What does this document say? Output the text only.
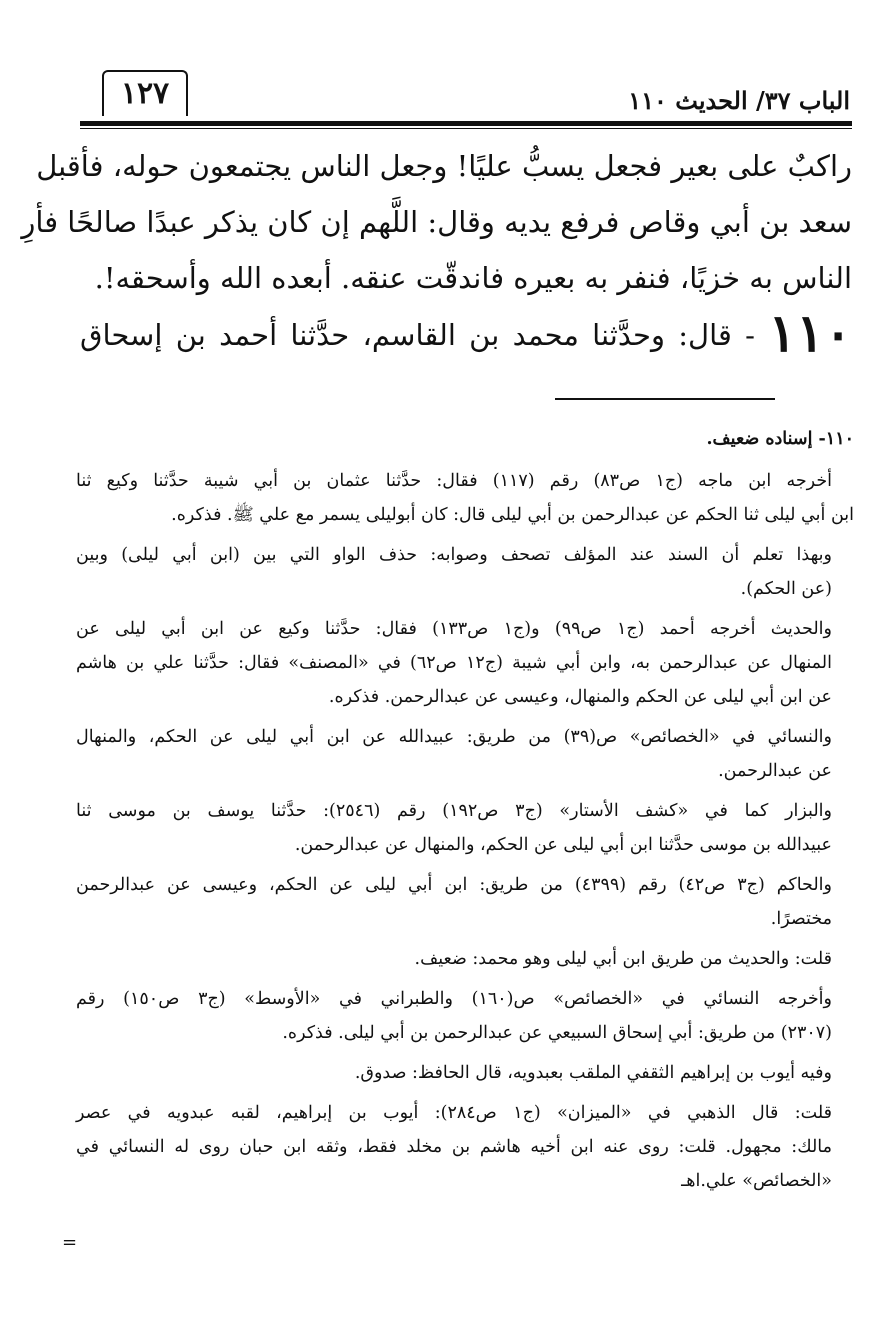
الباب ٣٧/ الحديث ١١٠
١٢٧

راكبٌ على بعير فجعل يسبُّ عليًا! وجعل الناس يجتمعون حوله، فأقبل

سعد بن أبي وقاص فرفع يديه وقال: اللَّهم إن كان يذكر عبدًا صالحًا فأرِ

الناس به خزيًا، فنفر به بعيره فاندقّت عنقه. أبعده الله وأسحقه!.

١١٠ - قال: وحدَّثنا محمد بن القاسم، حدَّثنا أحمد بن إسحاق

١١٠- إسناده ضعيف.

أخرجه ابن ماجه (ج١ ص٨٣) رقم (١١٧) فقال: حدَّثنا عثمان بن أبي شيبة حدَّثنا وكيع ثنا
ابن أبي ليلى ثنا الحكم عن عبدالرحمن بن أبي ليلى قال: كان أبوليلى يسمر مع علي ﷺ. فذكره.

وبهذا تعلم أن السند عند المؤلف تصحف وصوابه: حذف الواو التي بين (ابن أبي ليلى) وبين
(عن الحكم).

والحديث أخرجه أحمد (ج١ ص٩٩) و(ج١ ص١٣٣) فقال: حدَّثنا وكيع عن ابن أبي ليلى عن
المنهال عن عبدالرحمن به، وابن أبي شيبة (ج١٢ ص٦٢) في «المصنف» فقال: حدَّثنا علي بن هاشم
عن ابن أبي ليلى عن الحكم والمنهال، وعيسى عن عبدالرحمن. فذكره.

والنسائي في «الخصائص» ص(٣٩) من طريق: عبيدالله عن ابن أبي ليلى عن الحكم، والمنهال
عن عبدالرحمن.

والبزار كما في «كشف الأستار» (ج٣ ص١٩٢) رقم (٢٥٤٦): حدَّثنا يوسف بن موسى ثنا
عبيدالله بن موسى حدَّثنا ابن أبي ليلى عن الحكم، والمنهال عن عبدالرحمن.

والحاكم (ج٣ ص٤٢) رقم (٤٣٩٩) من طريق: ابن أبي ليلى عن الحكم، وعيسى عن عبدالرحمن
مختصرًا.

قلت: والحديث من طريق ابن أبي ليلى وهو محمد: ضعيف.

وأخرجه النسائي في «الخصائص» ص(١٦٠) والطبراني في «الأوسط» (ج٣ ص١٥٠) رقم
(٢٣٠٧) من طريق: أبي إسحاق السبيعي عن عبدالرحمن بن أبي ليلى. فذكره.

وفيه أيوب بن إبراهيم الثقفي الملقب بعبدويه، قال الحافظ: صدوق.

قلت: قال الذهبي في «الميزان» (ج١ ص٢٨٤): أيوب بن إبراهيم، لقبه عبدويه في عصر
مالك: مجهول. قلت: روى عنه ابن أخيه هاشم بن مخلد فقط، وثقه ابن حبان روى له النسائي في
«الخصائص» علي.اهـ

=
